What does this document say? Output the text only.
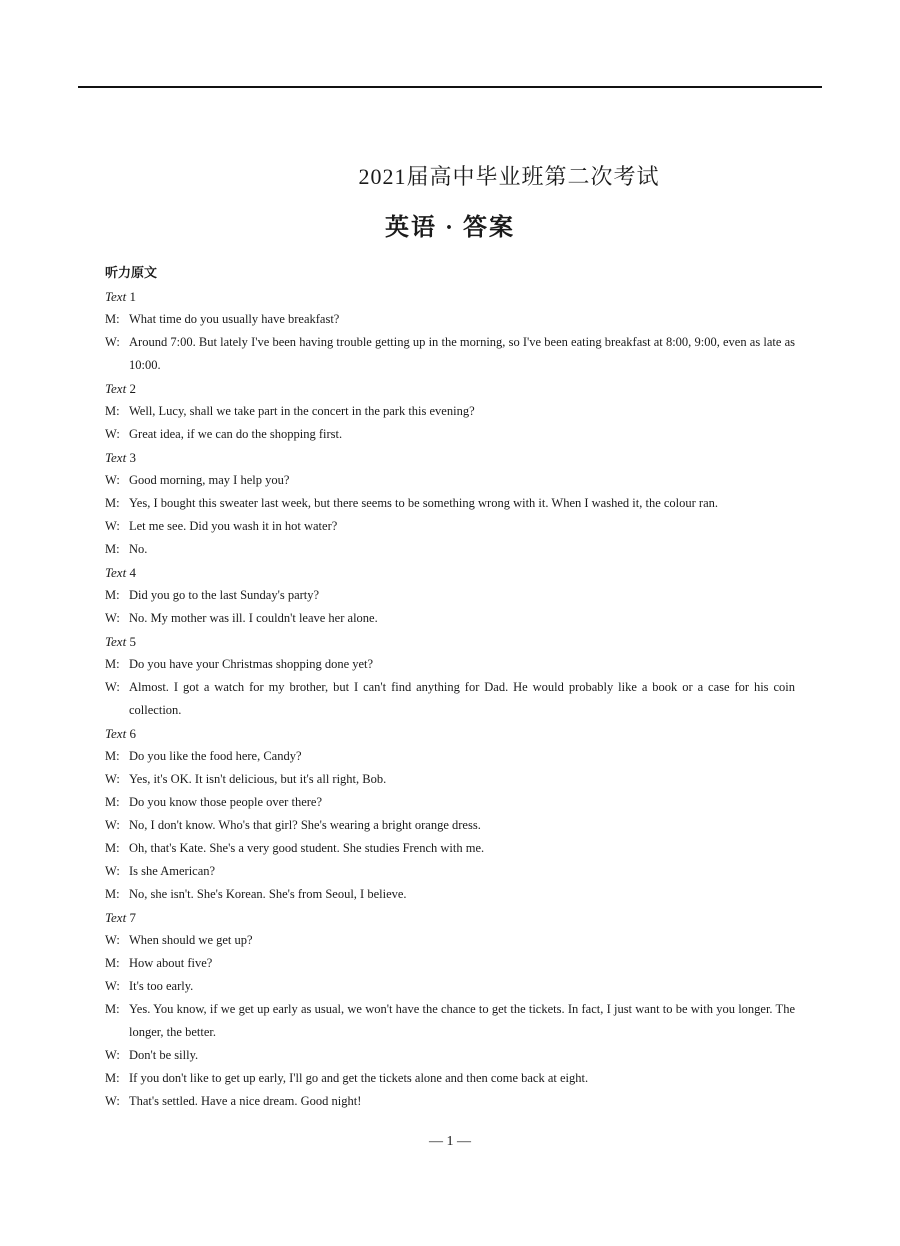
2021届高中毕业班第二次考试
英语 · 答案
听力原文
Text 1
M: What time do you usually have breakfast?
W: Around 7:00. But lately I've been having trouble getting up in the morning, so I've been eating breakfast at 8:00, 9:00, even as late as 10:00.
Text 2
M: Well, Lucy, shall we take part in the concert in the park this evening?
W: Great idea, if we can do the shopping first.
Text 3
W: Good morning, may I help you?
M: Yes, I bought this sweater last week, but there seems to be something wrong with it. When I washed it, the colour ran.
W: Let me see. Did you wash it in hot water?
M: No.
Text 4
M: Did you go to the last Sunday's party?
W: No. My mother was ill. I couldn't leave her alone.
Text 5
M: Do you have your Christmas shopping done yet?
W: Almost. I got a watch for my brother, but I can't find anything for Dad. He would probably like a book or a case for his coin collection.
Text 6
M: Do you like the food here, Candy?
W: Yes, it's OK. It isn't delicious, but it's all right, Bob.
M: Do you know those people over there?
W: No, I don't know. Who's that girl? She's wearing a bright orange dress.
M: Oh, that's Kate. She's a very good student. She studies French with me.
W: Is she American?
M: No, she isn't. She's Korean. She's from Seoul, I believe.
Text 7
W: When should we get up?
M: How about five?
W: It's too early.
M: Yes. You know, if we get up early as usual, we won't have the chance to get the tickets. In fact, I just want to be with you longer. The longer, the better.
W: Don't be silly.
M: If you don't like to get up early, I'll go and get the tickets alone and then come back at eight.
W: That's settled. Have a nice dream. Good night!
— 1 —
